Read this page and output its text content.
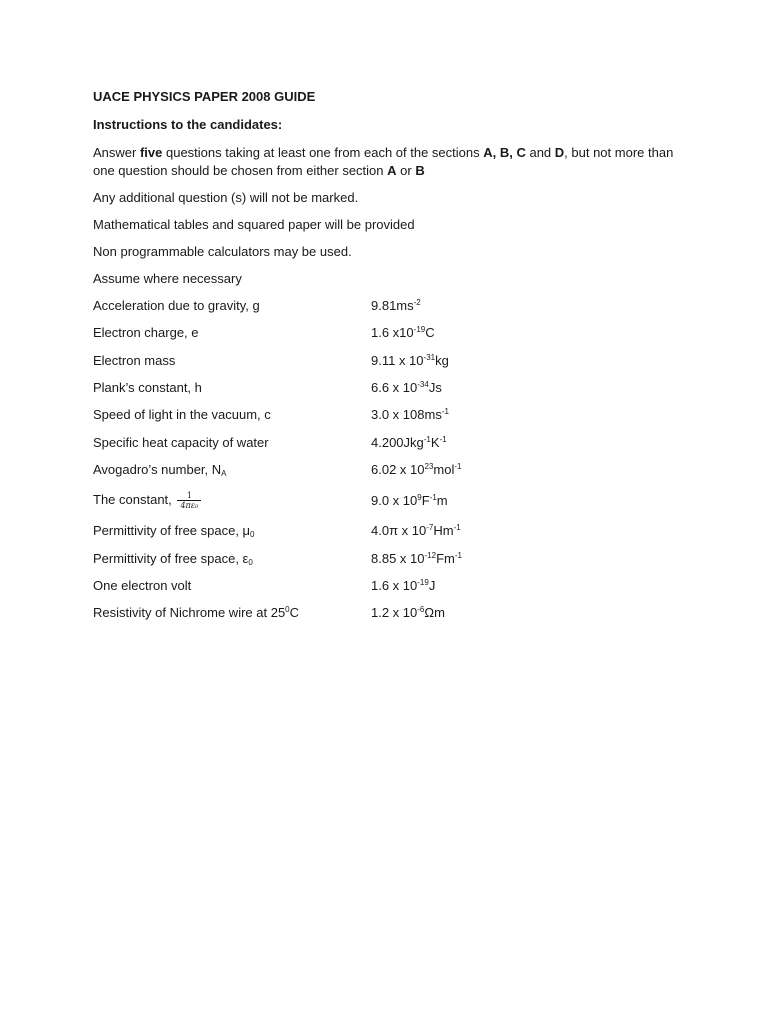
UACE PHYSICS PAPER 2008 GUIDE

Instructions to the candidates:

Answer five questions taking at least one from each of the sections A, B, C and D, but not more than one question should be chosen from either section A or B

Any additional question (s) will not be marked.

Mathematical tables and squared paper will be provided

Non programmable calculators may be used.

Assume where necessary

Acceleration due to gravity, g	$9.81ms^{-2}$
Electron charge, e	1.6 $x10^{-19}C$
Electron mass	9.11 x $10^{-31}kg$
Plank’s constant, h	6.6 x $10^{-34}Js$
Speed of light in the vacuum, c	3.0 x $108ms^{-1}$
Specific heat capacity of water	$4.200Jkg^{-1}K^{-1}$
Avogadro’s number, $N_A$	6.02 x $10^{23}mol^{-1}$
The constant, $\frac{1}{\text{4πε₀}}$	9.0 x $10^9F^{-1}m$
Permittivity of free space, $\mu_0$	4.0π x $10^{-7}Hm^{-1}$
Permittivity of free space, $\varepsilon_0$	8.85 x $10^{-12}Fm^{-1}$
One electron volt	1.6 x $10^{-19}J$
Resistivity of Nichrome wire at $25^0C$	1.2 x $10^{-6}\Omega m$
